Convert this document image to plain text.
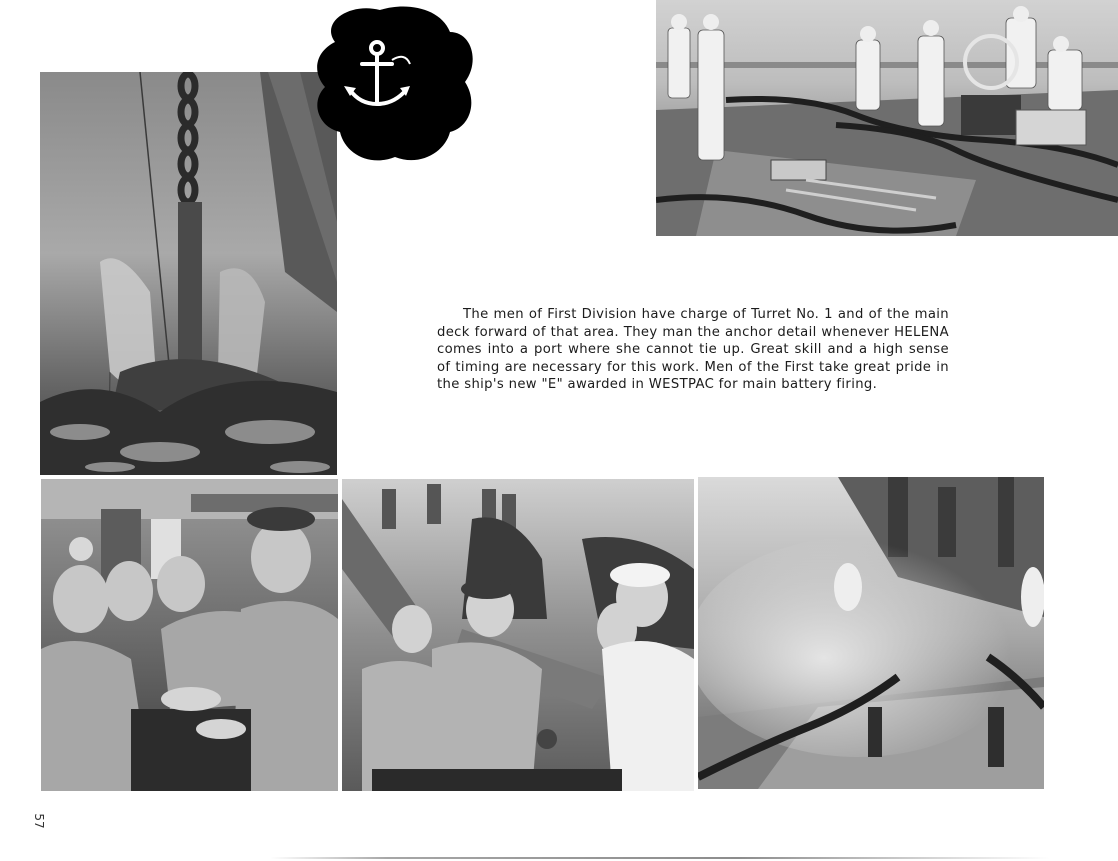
The men of First Division have charge of Turret No. 1 and of the main deck forward of that area. They man the anchor detail whenever HELENA comes into a port where she cannot tie up. Great skill and a high sense of timing are necessary for this work. Men of the First take great pride in the ship's new "E" awarded in WESTPAC for main battery firing.

57
